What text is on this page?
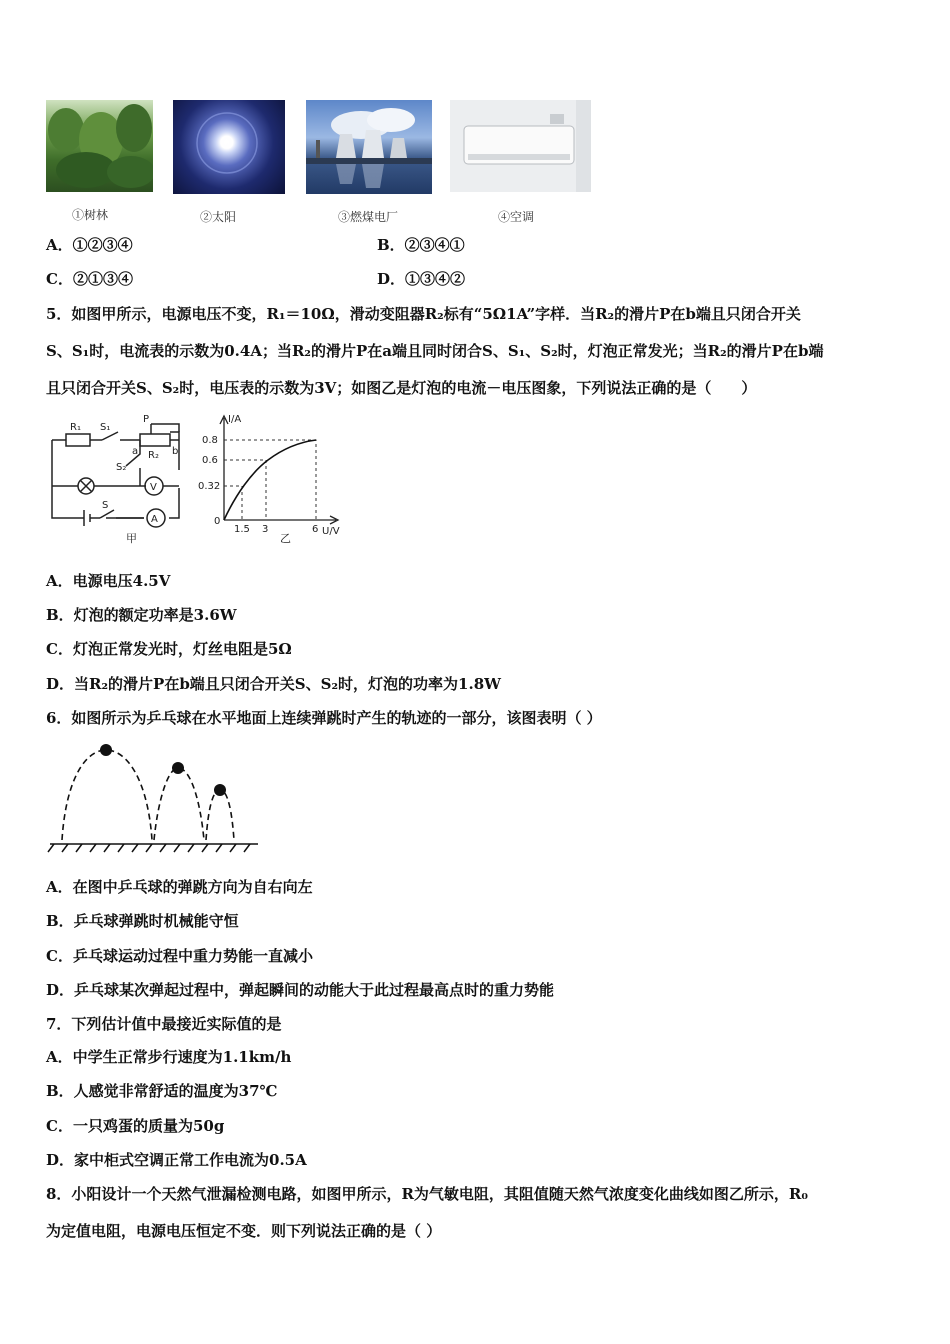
①树林	②太阳	③燃煤电厂	④空调
A．①②③④	B．②③④①
C．②①③④	D．①③④②
5．如图甲所示，电源电压不变，R₁＝10Ω，滑动变阻器R₂标有“5Ω1A”字样．当R₂的滑片P在b端且只闭合开关
S、S₁时，电流表的示数为0.4A；当R₂的滑片P在a端且同时闭合S、S₁、S₂时，灯泡正常发光；当R₂的滑片P在b端
且只闭合开关S、S₂时，电压表的示数为3V；如图乙是灯泡的电流－电压图象，下列说法正确的是（　　）
R₁ S₁
P
R₂
a	b
S₂
S
V
A
甲
I/A
U/V
0
0.8
0.6
0.32
1.5 3	6
乙
A．电源电压4.5V
B．灯泡的额定功率是3.6W
C．灯泡正常发光时，灯丝电阻是5Ω
D．当R₂的滑片P在b端且只闭合开关S、S₂时，灯泡的功率为1.8W
6．如图所示为乒乓球在水平地面上连续弹跳时产生的轨迹的一部分，该图表明（ ）
A．在图中乒乓球的弹跳方向为自右向左
B．乒乓球弹跳时机械能守恒
C．乒乓球运动过程中重力势能一直减小
D．乒乓球某次弹起过程中，弹起瞬间的动能大于此过程最高点时的重力势能
7．下列估计值中最接近实际值的是
A．中学生正常步行速度为1.1km/h
B．人感觉非常舒适的温度为37℃
C．一只鸡蛋的质量为50g
D．家中柜式空调正常工作电流为0.5A
8．小阳设计一个天然气泄漏检测电路，如图甲所示，R为气敏电阻，其阻值随天然气浓度变化曲线如图乙所示，R₀
为定值电阻，电源电压恒定不变．则下列说法正确的是（ ）
